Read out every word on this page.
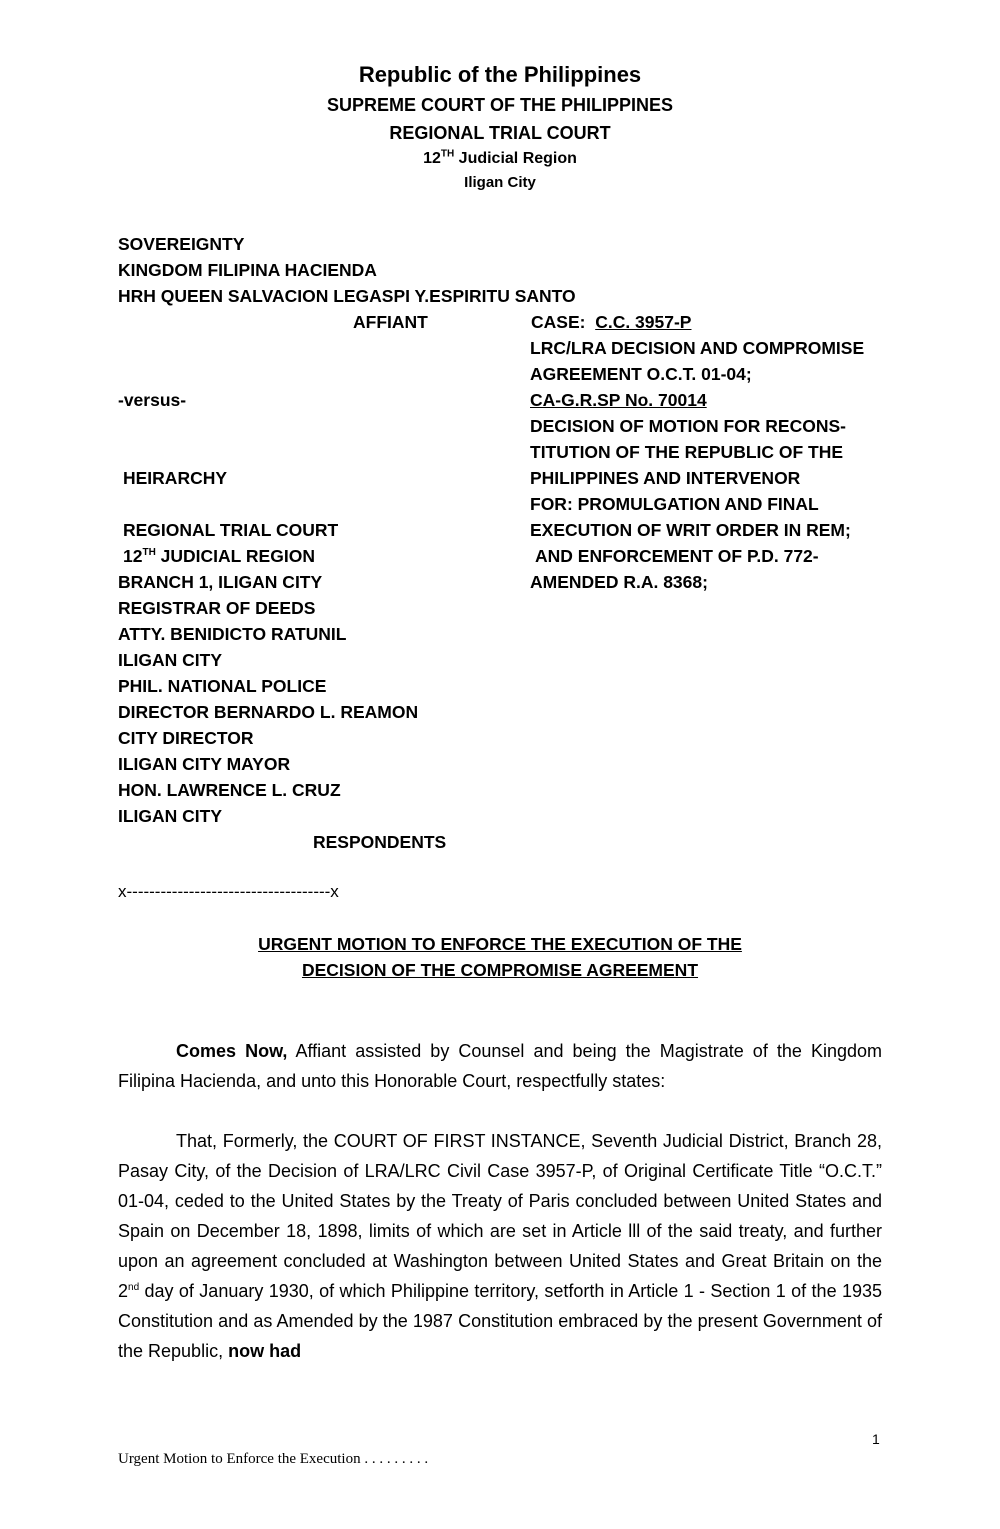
Republic of the Philippines
SUPREME COURT OF THE PHILIPPINES
REGIONAL TRIAL COURT
12TH Judicial Region
Iligan City
SOVEREIGNTY
KINGDOM FILIPINA HACIENDA
HRH QUEEN SALVACION LEGASPI Y.ESPIRITU SANTO
AFFIANT	CASE: C.C. 3957-P
LRC/LRA DECISION AND COMPROMISE
AGREEMENT O.C.T. 01-04;
-versus-	CA-G.R.SP No. 70014
DECISION OF MOTION FOR RECONS-
TITUTION OF THE REPUBLIC OF THE
HEIRARCHY	PHILIPPINES AND INTERVENOR
FOR: PROMULGATION AND FINAL
REGIONAL TRIAL COURT	EXECUTION OF WRIT ORDER IN REM;
12TH JUDICIAL REGION	AND ENFORCEMENT OF P.D. 772-
AMENDED R.A. 8368;
BRANCH 1, ILIGAN CITY
REGISTRAR OF DEEDS
ATTY. BENIDICTO RATUNIL
ILIGAN CITY
PHIL. NATIONAL POLICE
DIRECTOR BERNARDO L. REAMON
CITY DIRECTOR
ILIGAN CITY MAYOR
HON. LAWRENCE L. CRUZ
ILIGAN CITY
RESPONDENTS
x------------------------------------x
URGENT MOTION TO ENFORCE THE EXECUTION OF THE
DECISION OF THE COMPROMISE AGREEMENT

Comes Now, Affiant assisted by Counsel and being the Magistrate of the Kingdom Filipina Hacienda, and unto this Honorable Court, respectfully states:

That, Formerly, the COURT OF FIRST INSTANCE, Seventh Judicial District, Branch 28, Pasay City, of the Decision of LRA/LRC Civil Case 3957-P, of Original Certificate Title “O.C.T.” 01-04, ceded to the United States by the Treaty of Paris concluded between United States and Spain on December 18, 1898, limits of which are set in Article lll of the said treaty, and further upon an agreement concluded at Washington between United States and Great Britain on the 2nd day of January 1930, of which Philippine territory, setforth in Article 1 - Section 1 of the 1935 Constitution and as Amended by the 1987 Constitution embraced by the present Government of the Republic, now had

1
Urgent Motion to Enforce the Execution . . . . . . . . .
